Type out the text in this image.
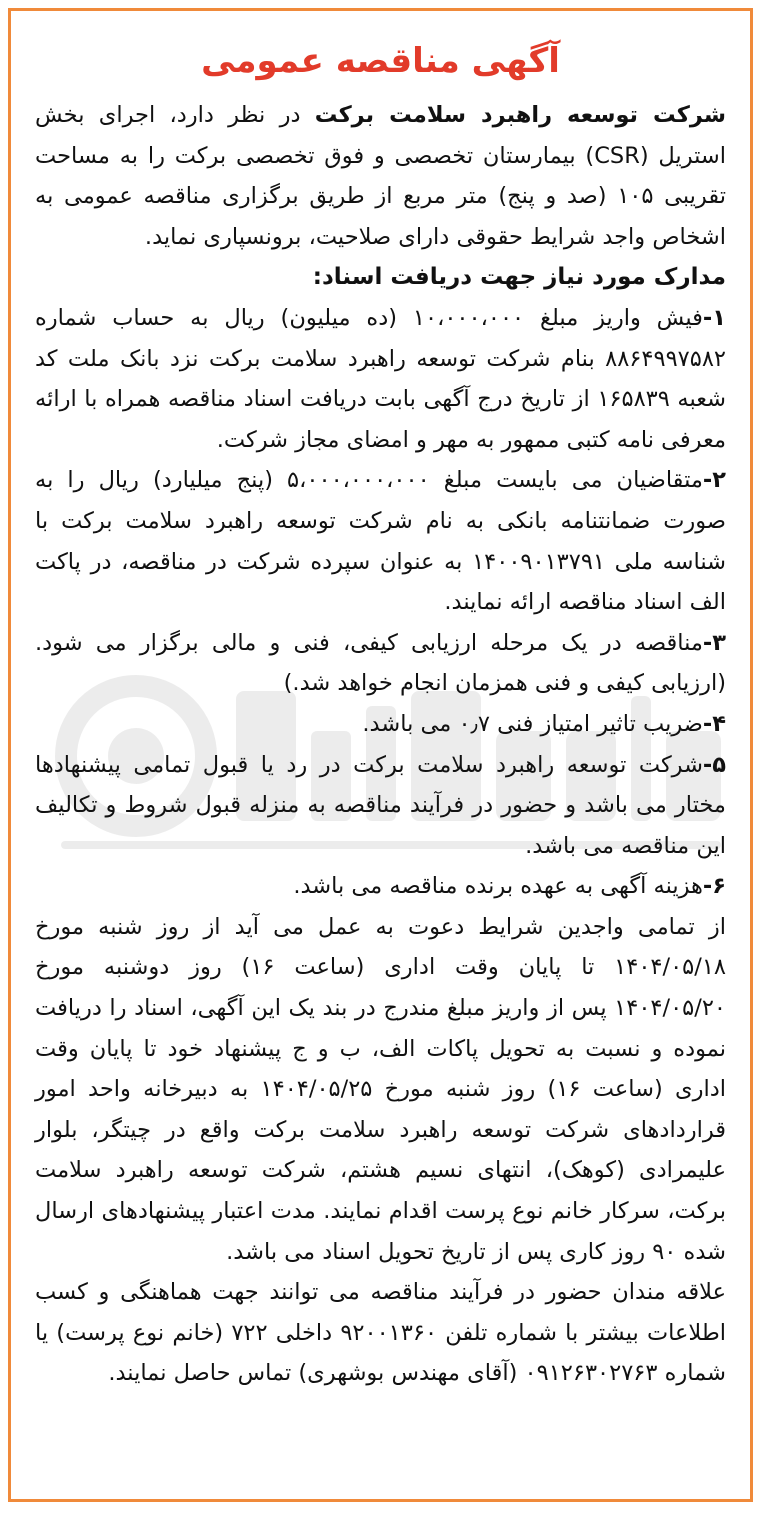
آگهی مناقصه عمومی

شرکت توسعه راهبرد سلامت برکت در نظر دارد، اجرای بخش استریل (CSR) بیمارستان تخصصی و فوق تخصصی برکت را به مساحت تقریبی ۱۰۵ (صد و پنج) متر مربع از طریق برگزاری مناقصه عمومی به اشخاص واجد شرایط حقوقی دارای صلاحیت، برونسپاری نماید.

مدارک مورد نیاز جهت دریافت اسناد:

۱-فیش واریز مبلغ ۱۰،۰۰۰،۰۰۰ (ده میلیون) ریال به حساب شماره ۸۸۶۴۹۹۷۵۸۲ بنام شرکت توسعه راهبرد سلامت برکت نزد بانک ملت کد شعبه ۱۶۵۸۳۹ از تاریخ درج آگهی بابت دریافت اسناد مناقصه همراه با ارائه معرفی نامه کتبی ممهور به مهر و امضای مجاز شرکت.

۲-متقاضیان می بایست مبلغ ۵،۰۰۰،۰۰۰،۰۰۰ (پنج میلیارد) ریال را به صورت ضمانتنامه بانکی به نام شرکت توسعه راهبرد سلامت برکت با شناسه ملی ۱۴۰۰۹۰۱۳۷۹۱ به عنوان سپرده شرکت در مناقصه، در پاکت الف اسناد مناقصه ارائه نمایند.

۳-مناقصه در یک مرحله ارزیابی کیفی، فنی و مالی برگزار می شود. (ارزیابی کیفی و فنی همزمان انجام خواهد شد.)

۴-ضریب تاثیر امتیاز فنی ۰٫۷ می باشد.

۵-شرکت توسعه راهبرد سلامت برکت در رد یا قبول تمامی پیشنهادها مختار می باشد و حضور در فرآیند مناقصه به منزله قبول شروط و تکالیف این مناقصه می باشد.

۶-هزینه آگهی به عهده برنده مناقصه می باشد.

از تمامی واجدین شرایط دعوت به عمل می آید از روز شنبه مورخ ۱۴۰۴/۰۵/۱۸ تا پایان وقت اداری (ساعت ۱۶) روز دوشنبه مورخ ۱۴۰۴/۰۵/۲۰ پس از واریز مبلغ مندرج در بند یک این آگهی، اسناد را دریافت نموده و نسبت به تحویل پاکات الف، ب و ج پیشنهاد خود تا پایان وقت اداری (ساعت ۱۶) روز شنبه مورخ ۱۴۰۴/۰۵/۲۵ به دبیرخانه واحد امور قراردادهای شرکت توسعه راهبرد سلامت برکت واقع در چیتگر، بلوار علیمرادی (کوهک)، انتهای نسیم هشتم، شرکت توسعه راهبرد سلامت برکت، سرکار خانم نوع پرست اقدام نمایند. مدت اعتبار پیشنهادهای ارسال شده ۹۰ روز کاری پس از تاریخ تحویل اسناد می باشد.

علاقه مندان حضور در فرآیند مناقصه می توانند جهت هماهنگی و کسب اطلاعات بیشتر با شماره تلفن ۹۲۰۰۱۳۶۰ داخلی ۷۲۲ (خانم نوع پرست) یا شماره ۰۹۱۲۶۳۰۲۷۶۳ (آقای مهندس بوشهری) تماس حاصل نمایند.
